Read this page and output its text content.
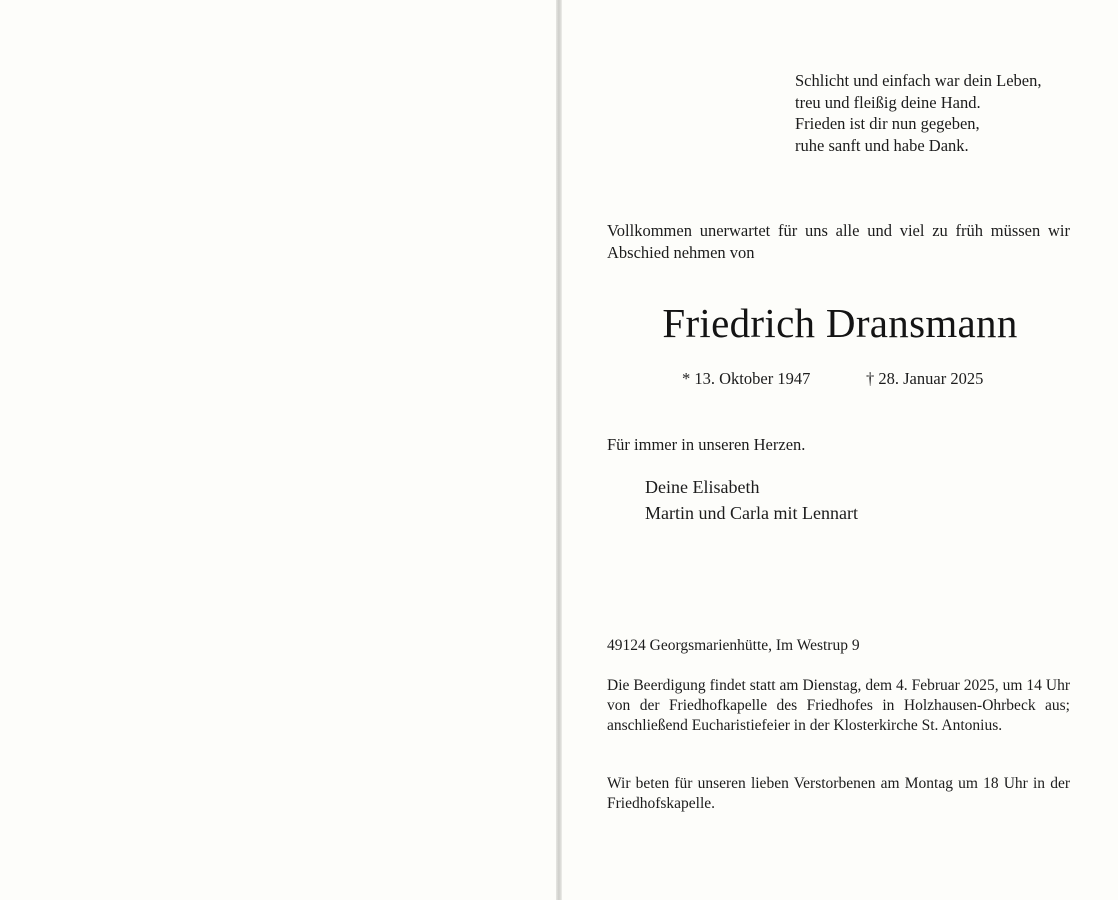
Schlicht und einfach war dein Leben,
treu und fleißig deine Hand.
Frieden ist dir nun gegeben,
ruhe sanft und habe Dank.
Vollkommen unerwartet für uns alle und viel zu früh müssen wir Abschied nehmen von
Friedrich Dransmann
* 13. Oktober 1947	† 28. Januar 2025
Für immer in unseren Herzen.
Deine Elisabeth
Martin und Carla mit Lennart
49124 Georgsmarienhütte, Im Westrup 9
Die Beerdigung findet statt am Dienstag, dem 4. Februar 2025, um 14 Uhr von der Friedhofkapelle des Friedhofes in Holzhausen-Ohrbeck aus; anschließend Eucharistiefeier in der Klosterkirche St. Antonius.
Wir beten für unseren lieben Verstorbenen am Montag um 18 Uhr in der Friedhofskapelle.
